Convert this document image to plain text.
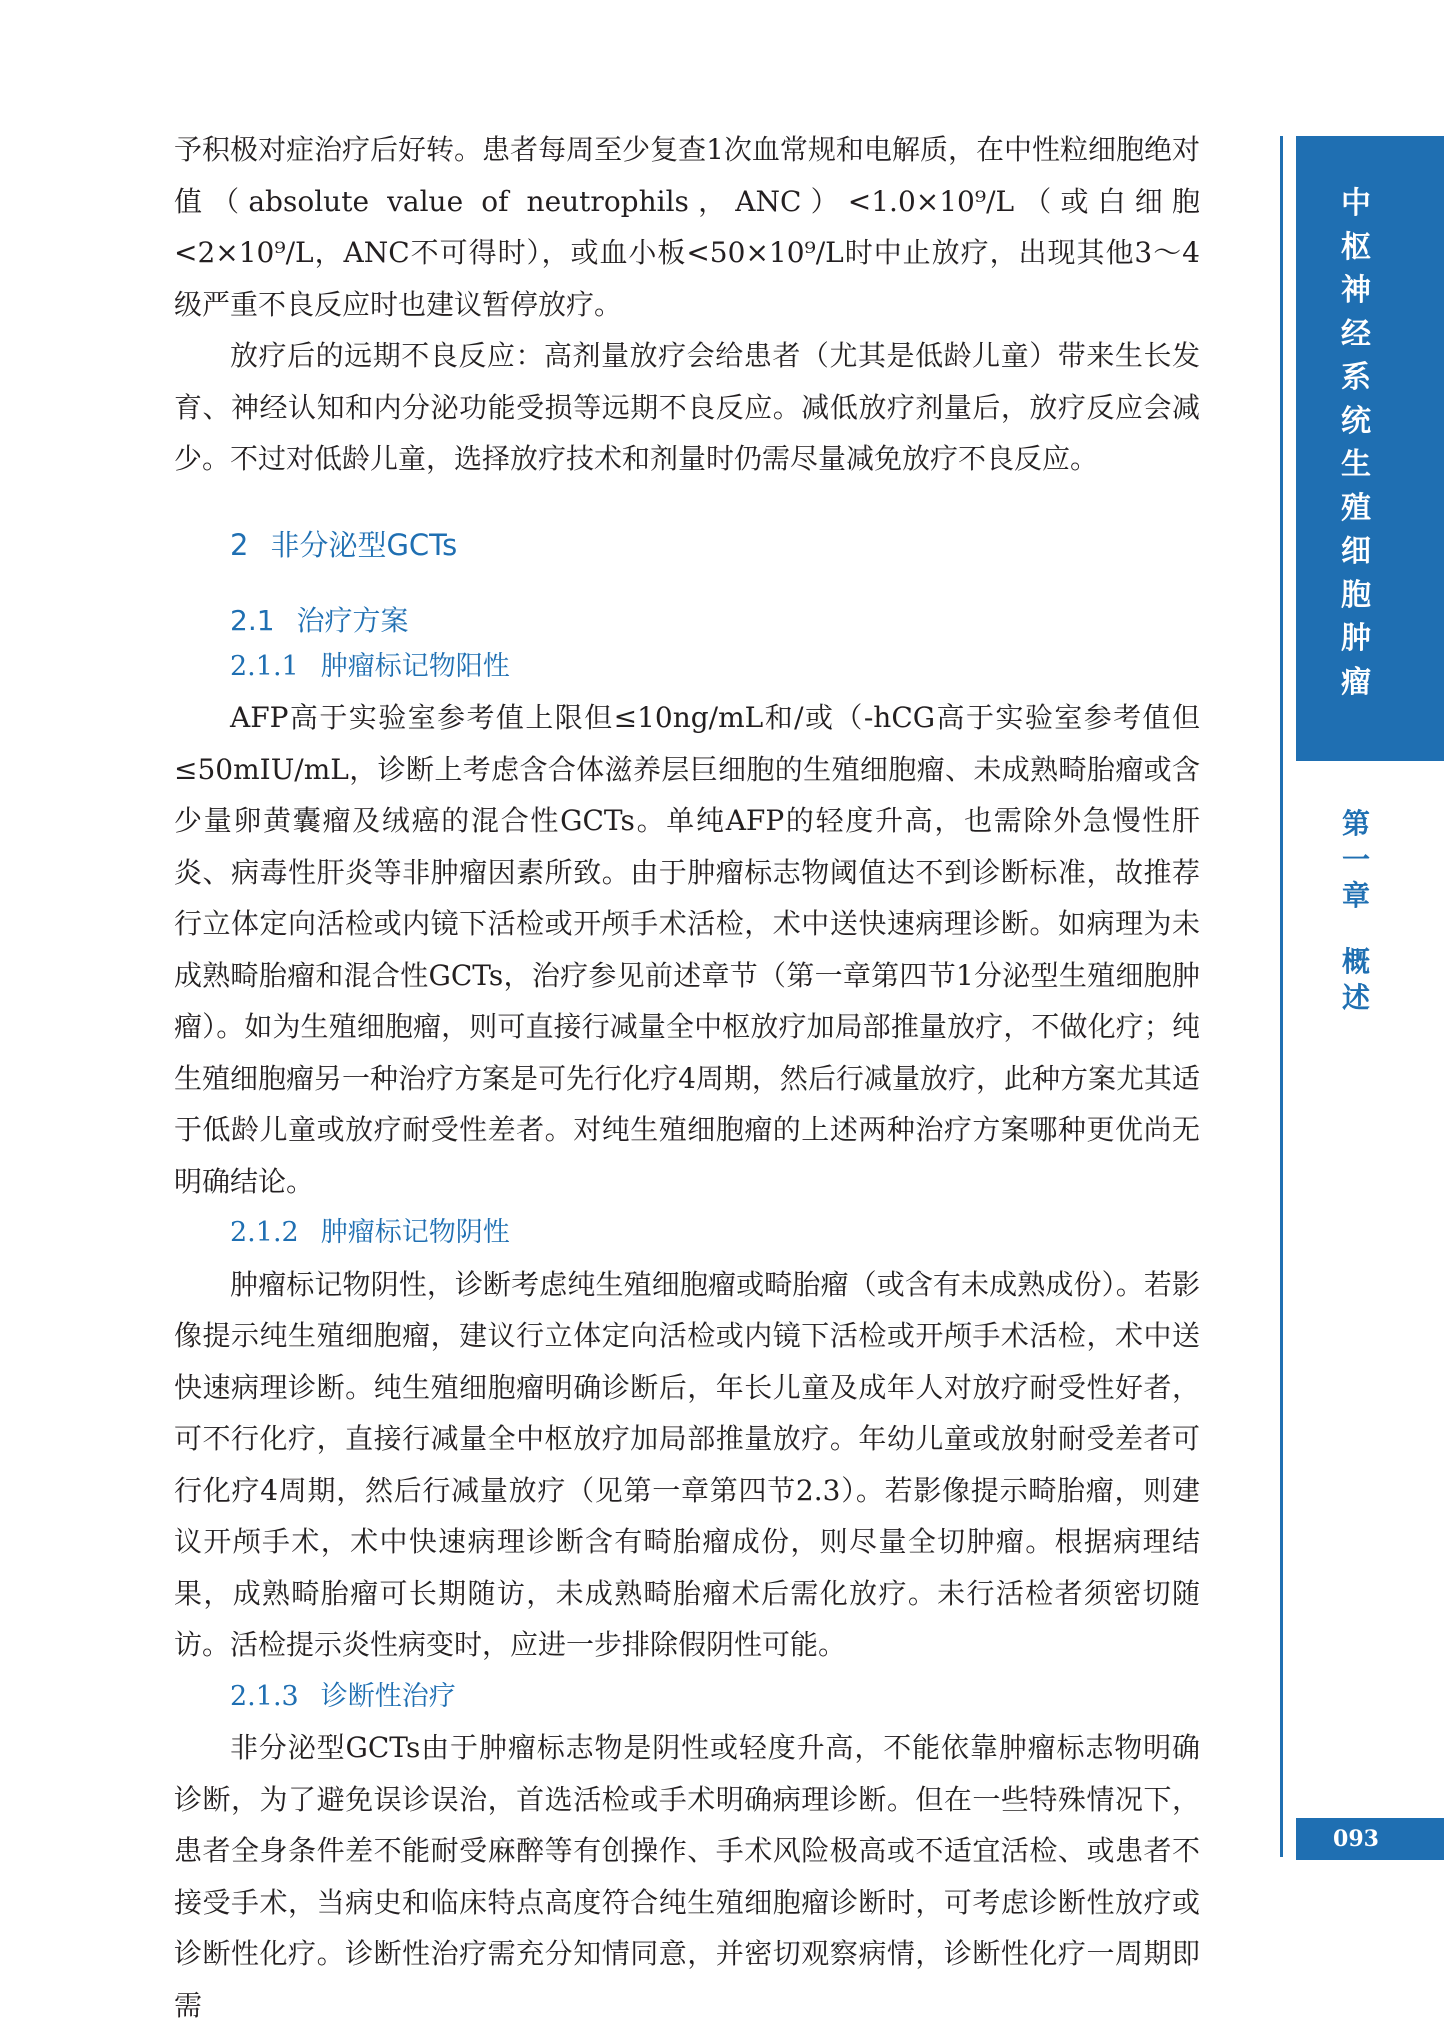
予积极对症治疗后好转。患者每周至少复查1次血常规和电解质，在中性粒细胞绝对值（absolute value of neutrophils，ANC）<1.0×10⁹/L（或白细胞<2×10⁹/L，ANC不可得时），或血小板<50×10⁹/L时中止放疗，出现其他3～4级严重不良反应时也建议暂停放疗。

放疗后的远期不良反应：高剂量放疗会给患者（尤其是低龄儿童）带来生长发育、神经认知和内分泌功能受损等远期不良反应。减低放疗剂量后，放疗反应会减少。不过对低龄儿童，选择放疗技术和剂量时仍需尽量减免放疗不良反应。

2 非分泌型GCTs
2.1 治疗方案
2.1.1 肿瘤标记物阳性

AFP高于实验室参考值上限但≤10ng/mL和/或（-hCG高于实验室参考值但≤50mIU/mL，诊断上考虑含合体滋养层巨细胞的生殖细胞瘤、未成熟畸胎瘤或含少量卵黄囊瘤及绒癌的混合性GCTs。单纯AFP的轻度升高，也需除外急慢性肝炎、病毒性肝炎等非肿瘤因素所致。由于肿瘤标志物阈值达不到诊断标准，故推荐行立体定向活检或内镜下活检或开颅手术活检，术中送快速病理诊断。如病理为未成熟畸胎瘤和混合性GCTs，治疗参见前述章节（第一章第四节1分泌型生殖细胞肿瘤）。如为生殖细胞瘤，则可直接行减量全中枢放疗加局部推量放疗，不做化疗；纯生殖细胞瘤另一种治疗方案是可先行化疗4周期，然后行减量放疗，此种方案尤其适于低龄儿童或放疗耐受性差者。对纯生殖细胞瘤的上述两种治疗方案哪种更优尚无明确结论。

2.1.2 肿瘤标记物阴性

肿瘤标记物阴性，诊断考虑纯生殖细胞瘤或畸胎瘤（或含有未成熟成份）。若影像提示纯生殖细胞瘤，建议行立体定向活检或内镜下活检或开颅手术活检，术中送快速病理诊断。纯生殖细胞瘤明确诊断后，年长儿童及成年人对放疗耐受性好者，可不行化疗，直接行减量全中枢放疗加局部推量放疗。年幼儿童或放射耐受差者可行化疗4周期，然后行减量放疗（见第一章第四节2.3）。若影像提示畸胎瘤，则建议开颅手术，术中快速病理诊断含有畸胎瘤成份，则尽量全切肿瘤。根据病理结果，成熟畸胎瘤可长期随访，未成熟畸胎瘤术后需化放疗。未行活检者须密切随访。活检提示炎性病变时，应进一步排除假阴性可能。

2.1.3 诊断性治疗

非分泌型GCTs由于肿瘤标志物是阴性或轻度升高，不能依靠肿瘤标志物明确诊断，为了避免误诊误治，首选活检或手术明确病理诊断。但在一些特殊情况下，患者全身条件差不能耐受麻醉等有创操作、手术风险极高或不适宜活检、或患者不接受手术，当病史和临床特点高度符合纯生殖细胞瘤诊断时，可考虑诊断性放疗或诊断性化疗。诊断性治疗需充分知情同意，并密切观察病情，诊断性化疗一周期即需

中
枢
神
经
系
统
生
殖
细
胞
肿
瘤
第
一
章
概
述
093
